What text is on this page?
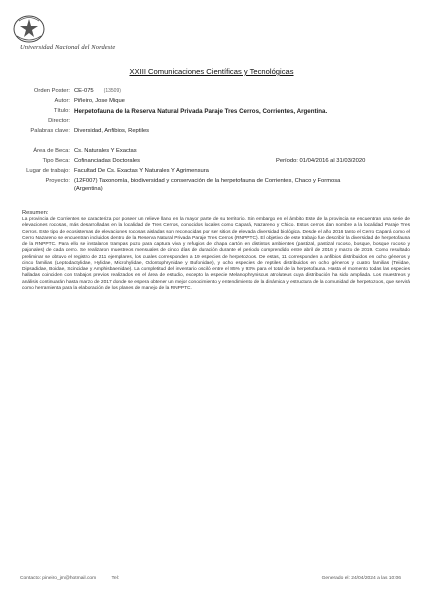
Universidad Nacional del Nordeste
XXIII Comunicaciones Científicas y Tecnológicas
Orden Poster: CE-075 (13509)
Autor: Piñeiro, Jose Mique
Título: Herpetofauna de la Reserva Natural Privada Paraje Tres Cerros, Corrientes, Argentina.
Director:
Palabras clave: Diversidad, Anfibios, Reptiles
Área de Beca: Cs. Naturales Y Exactas
Tipo Beca: Cofinanciadas Doctorales	Período: 01/04/2016 al 31/03/2020
Lugar de trabajo: Facultad De Cs. Exactas Y Naturales Y Agrimensura
Proyecto: (12F007) Taxonomía, biodiversidad y conservación de la herpetofauna de Corrientes, Chaco y Formosa
(Argentina)
Resumen:
La provincia de Corrientes se caracteriza por poseer un relieve llano en la mayor parte de su territorio. Sin embargo en el ámbito Este de la provincia se encuentran una serie de elevaciones rocosas, más desarrolladas en la localidad de Tres Cerros, conocidos locales como Capará, Nazareno y Chico. Estos cerros dan nombre a la localidad Paraje Tres Cerros. Este tipo de ecosistemas de elevaciones rocosas aisladas son reconocidas por ser sitios de elevada diversidad biológica. Desde el año 2016 tanto el Cerro Capará como el Cerro Nazareno se encuentran incluidos dentro de la Reserva Natural Privada Paraje Tres Cerros (RNPPTC). El objetivo de este trabajo fue describir la diversidad de herpetofauna de la RNPPTC. Para ello se instalaron trampas pozo para captura viva y refugios de chapa cartón en distintos ambientes (pastizal, pastizal rocoso, bosque, bosque rocoso y pajonales) de cada cerro. Se realizaron muestreos mensuales de cinco días de duración durante el periodo comprendido entre abril de 2016 y marzo de 2019. Como resultado preliminar se obtuvo el registro de 211 ejemplares, los cuales corresponden a 19 especies de herpetozoos. De estas, 11 corresponden a anfibios distribuidos en ocho géneros y cinco familias (Leptodactylidae, Hylidae, Microhylidae, Odontophrynidae y Bufonidae), y ocho especies de reptiles distribuidos en ocho géneros y cuatro familias (Teiidae, Dipsadidae, Boidae, Scincidae y Amphisbaenidae). La completitud del inventario osciló entre el 85% y 93% para el total de la herpetofauna. Hasta el momento todas las especies halladas coinciden con trabajos previos realizados en el área de estudio, excepto la especie Melanophryniscus atroluteus cuya distribución ha sido ampliada. Los muestreos y análisis continuarán hasta marzo de 2017 donde se espera obtener un mejor conocimiento y entendimiento de la dinámica y estructura de la comunidad de herpetozoos, que servirá como herramienta para la elaboración de los planes de manejo de la RNPPTC.
Contacto: pineiro_jm@hotmail.com	Tel:	Generado el: 24/04/2024 a las 10:06
